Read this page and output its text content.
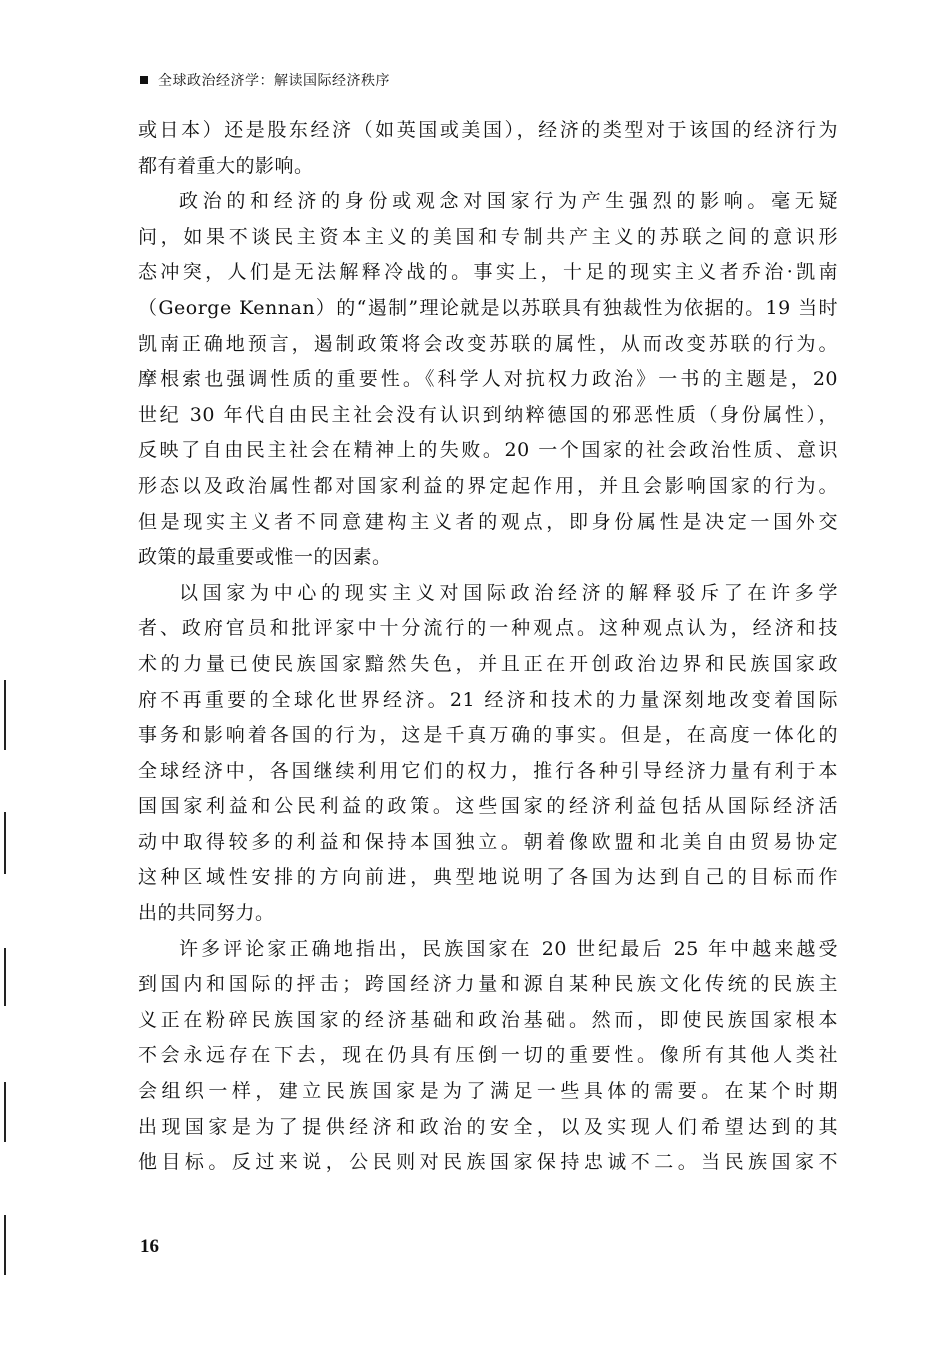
全球政治经济学：解读国际经济秩序
或日本）还是股东经济（如英国或美国），经济的类型对于该国的经济行为
都有着重大的影响。
政治的和经济的身份或观念对国家行为产生强烈的影响。毫无疑
问，如果不谈民主资本主义的美国和专制共产主义的苏联之间的意识形
态冲突，人们是无法解释冷战的。事实上，十足的现实主义者乔治·凯南
（George Kennan）的“遏制”理论就是以苏联具有独裁性为依据的。19 当时
凯南正确地预言，遏制政策将会改变苏联的属性，从而改变苏联的行为。
摩根索也强调性质的重要性。《科学人对抗权力政治》一书的主题是，20
世纪 30 年代自由民主社会没有认识到纳粹德国的邪恶性质（身份属性），
反映了自由民主社会在精神上的失败。20 一个国家的社会政治性质、意识
形态以及政治属性都对国家利益的界定起作用，并且会影响国家的行为。
但是现实主义者不同意建构主义者的观点，即身份属性是决定一国外交
政策的最重要或惟一的因素。
以国家为中心的现实主义对国际政治经济的解释驳斥了在许多学
者、政府官员和批评家中十分流行的一种观点。这种观点认为，经济和技
术的力量已使民族国家黯然失色，并且正在开创政治边界和民族国家政
府不再重要的全球化世界经济。21 经济和技术的力量深刻地改变着国际
事务和影响着各国的行为，这是千真万确的事实。但是，在高度一体化的
全球经济中，各国继续利用它们的权力，推行各种引导经济力量有利于本
国国家利益和公民利益的政策。这些国家的经济利益包括从国际经济活
动中取得较多的利益和保持本国独立。朝着像欧盟和北美自由贸易协定
这种区域性安排的方向前进，典型地说明了各国为达到自己的目标而作
出的共同努力。
许多评论家正确地指出，民族国家在 20 世纪最后 25 年中越来越受
到国内和国际的抨击；跨国经济力量和源自某种民族文化传统的民族主
义正在粉碎民族国家的经济基础和政治基础。然而，即使民族国家根本
不会永远存在下去，现在仍具有压倒一切的重要性。像所有其他人类社
会组织一样，建立民族国家是为了满足一些具体的需要。在某个时期
出现国家是为了提供经济和政治的安全，以及实现人们希望达到的其
他目标。反过来说，公民则对民族国家保持忠诚不二。当民族国家不
16
